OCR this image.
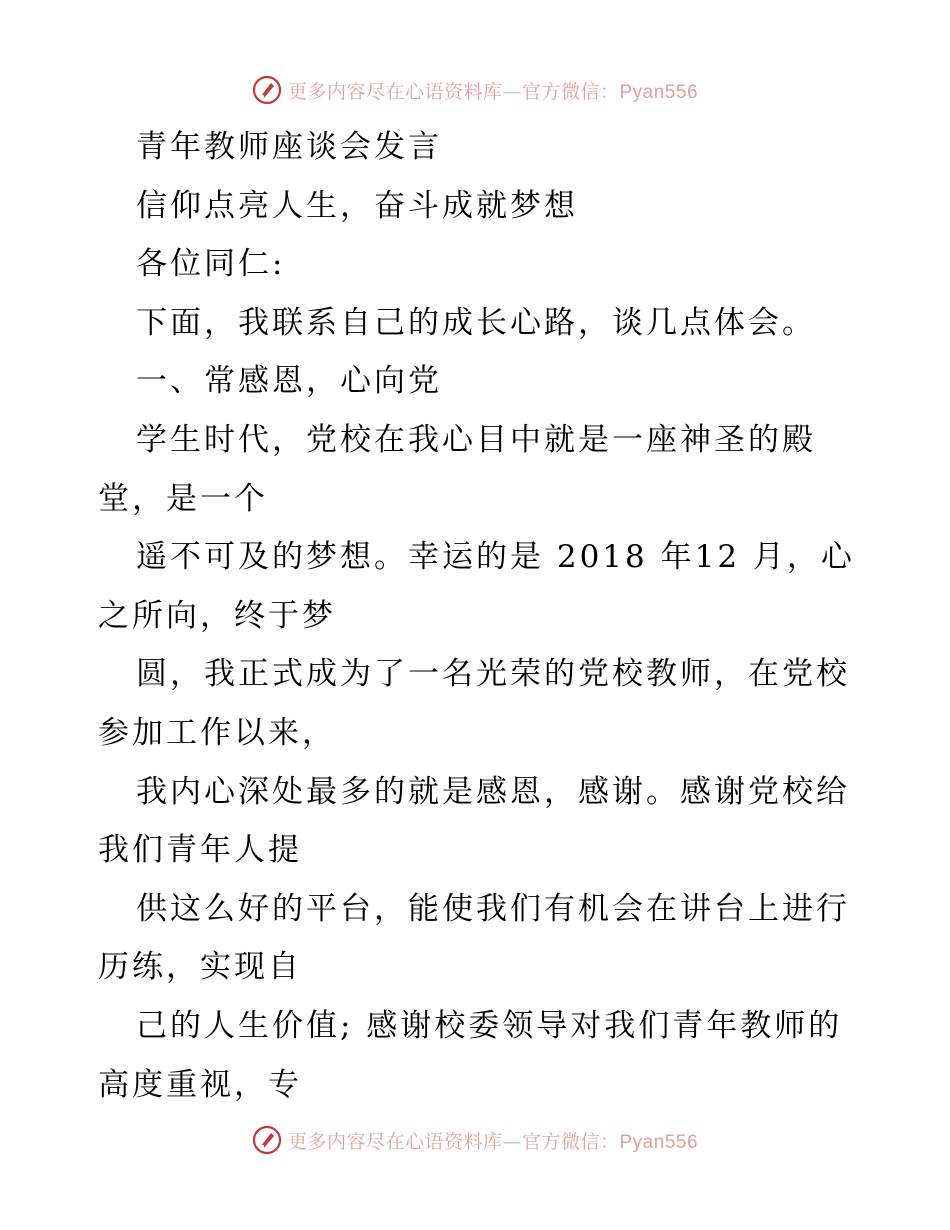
更多内容尽在心语资料库—官方微信：Pyan556
青年教师座谈会发言
信仰点亮人生，奋斗成就梦想
各位同仁:
下面，我联系自己的成长心路，谈几点体会。
一、常感恩，心向党
学生时代，党校在我心目中就是一座神圣的殿
堂，是一个
遥不可及的梦想。幸运的是 2018 年12 月，心
之所向，终于梦
圆，我正式成为了一名光荣的党校教师，在党校
参加工作以来，
我内心深处最多的就是感恩，感谢。感谢党校给
我们青年人提
供这么好的平台，能使我们有机会在讲台上进行
历练，实现自
己的人生价值; 感谢校委领导对我们青年教师的
高度重视，专
更多内容尽在心语资料库—官方微信：Pyan556
